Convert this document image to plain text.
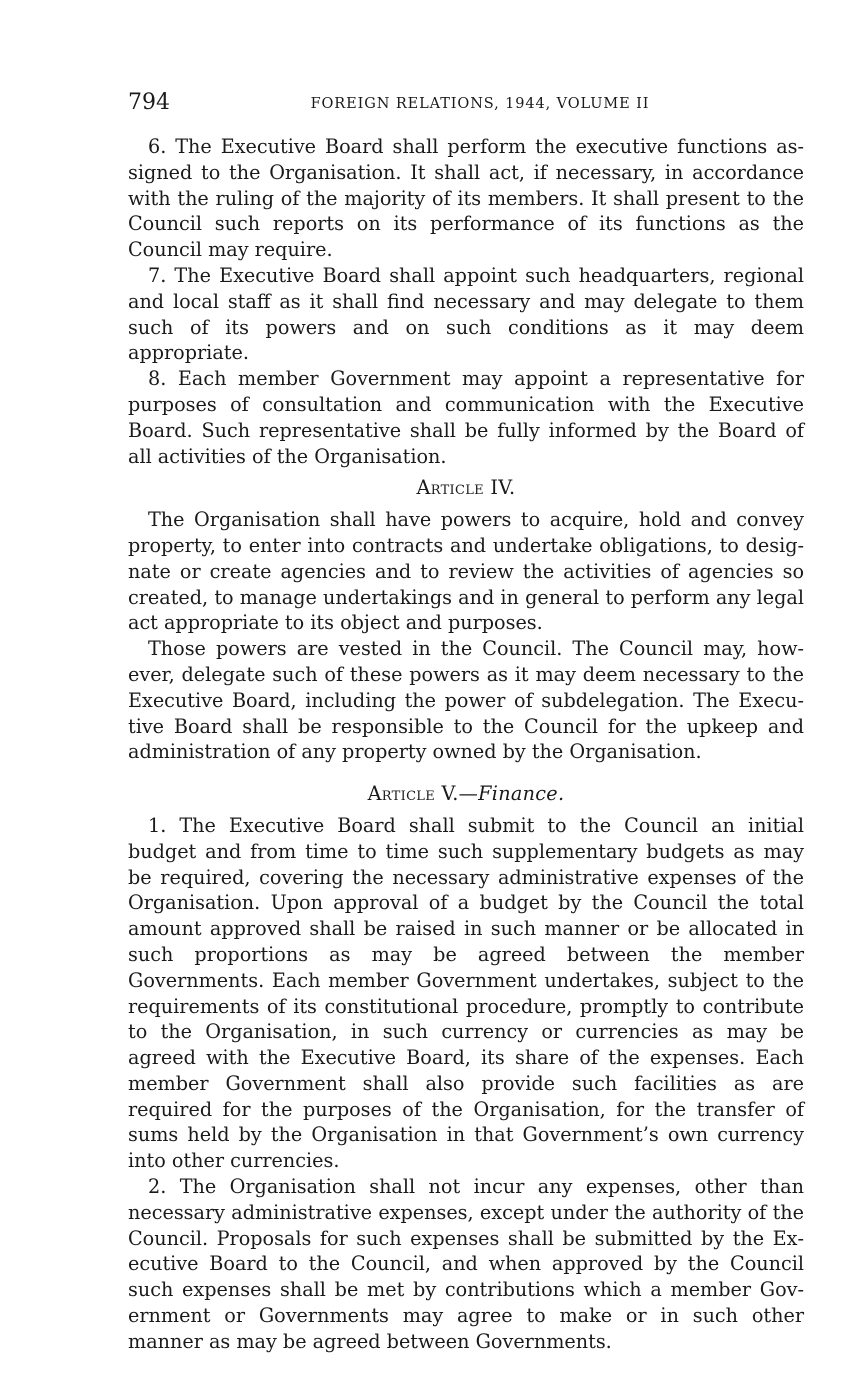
794	FOREIGN RELATIONS, 1944, VOLUME II

6. The Executive Board shall perform the executive functions assigned to the Organisation. It shall act, if necessary, in accordance with the ruling of the majority of its members. It shall present to the Council such reports on its performance of its functions as the Council may require.

7. The Executive Board shall appoint such headquarters, regional and local staff as it shall find necessary and may delegate to them such of its powers and on such conditions as it may deem appropriate.

8. Each member Government may appoint a representative for purposes of consultation and communication with the Executive Board. Such representative shall be fully informed by the Board of all activities of the Organisation.

Article IV.

The Organisation shall have powers to acquire, hold and convey property, to enter into contracts and undertake obligations, to designate or create agencies and to review the activities of agencies so created, to manage undertakings and in general to perform any legal act appropriate to its object and purposes.

Those powers are vested in the Council. The Council may, however, delegate such of these powers as it may deem necessary to the Executive Board, including the power of subdelegation. The Executive Board shall be responsible to the Council for the upkeep and administration of any property owned by the Organisation.

Article V.—Finance.

1. The Executive Board shall submit to the Council an initial budget and from time to time such supplementary budgets as may be required, covering the necessary administrative expenses of the Organisation. Upon approval of a budget by the Council the total amount approved shall be raised in such manner or be allocated in such proportions as may be agreed between the member Governments. Each member Government undertakes, subject to the requirements of its constitutional procedure, promptly to contribute to the Organisation, in such currency or currencies as may be agreed with the Executive Board, its share of the expenses. Each member Government shall also provide such facilities as are required for the purposes of the Organisation, for the transfer of sums held by the Organisation in that Government’s own currency into other currencies.

2. The Organisation shall not incur any expenses, other than necessary administrative expenses, except under the authority of the Council. Proposals for such expenses shall be submitted by the Executive Board to the Council, and when approved by the Council such expenses shall be met by contributions which a member Government or Governments may agree to make or in such other manner as may be agreed between Governments.
